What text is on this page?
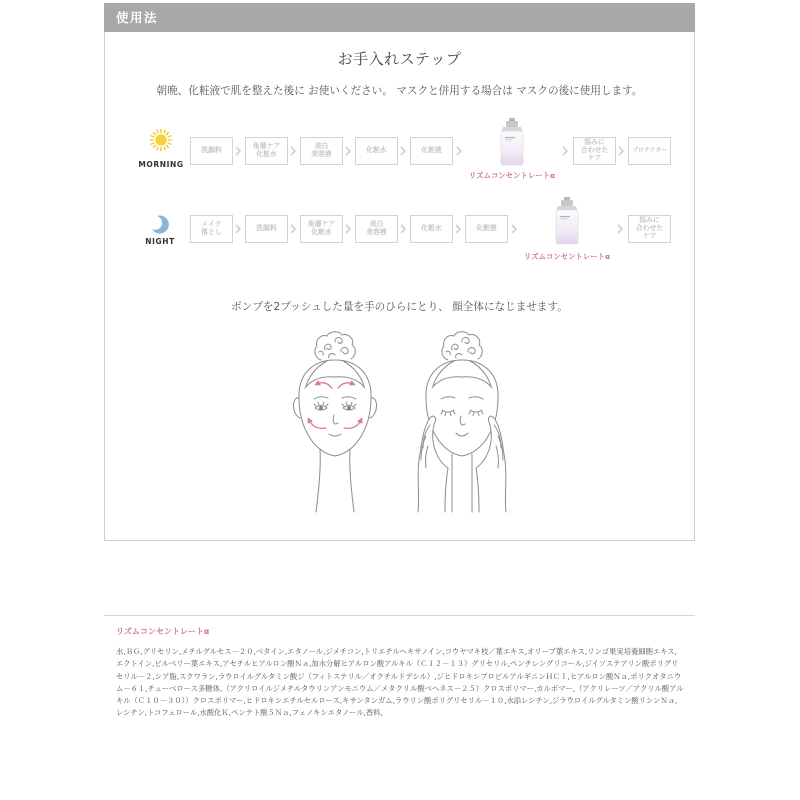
使用法
お手入れステップ
朝晩、化粧液で肌を整えた後に お使いください。 マスクと併用する場合は マスクの後に使用します。
MORNING
洗顔料	角層ケア
化粧水
美白
美容液	化粧水	化粧液
リズムコンセントレートα
悩みに
合わせた
ケア
プロテクター
NIGHT
メイク
落とし	洗顔料	角層ケア
化粧水
美白
美容液	化粧水	化粧液
リズムコンセントレートα
悩みに
合わせた
ケア
ポンプを2プッシュした量を手のひらにとり、 顔全体になじませます。
リズムコンセントレートα
水,ＢＧ,グリセリン,メチルグルセス－２０,ベタイン,エタノール,ジメチコン,トリエチルヘキサノイン,コウヤマキ枝／葉エキス,オリーブ葉エキス,リンゴ果実培養細胞エキス,エクトイン,ビルベリー葉エキス,アセチルヒアルロン酸Ｎａ,加水分解ヒアルロン酸アルキル（Ｃ１２－１３）グリセリル,ペンチレングリコール,ジイソステアリン酸ポリグリセリル－２,シア脂,スクワラン,ラウロイルグルタミン酸ジ（フィトステリル／オクチルドデシル）,ジヒドロキシプロピルアルギニンＨＣｌ,ヒアルロン酸Ｎａ,ポリクオタニウム－６１,チューベロース多糖体,（アクリロイルジメチルタウリンアンモニウム／メタクリル酸ベヘネス－２５）クロスポリマー,カルボマー,（アクリレーツ／アクリル酸アルキル（Ｃ１０－３０））クロスポリマー,ヒドロキシエチルセルロース,キサンタンガム,ラウリン酸ポリグリセリル－１０,水添レシチン,ジラウロイルグルタミン酸リシンＮａ,レシチン,トコフェロール,水酸化Ｋ,ペンテト酸５Ｎａ,フェノキシエタノール,香料,
